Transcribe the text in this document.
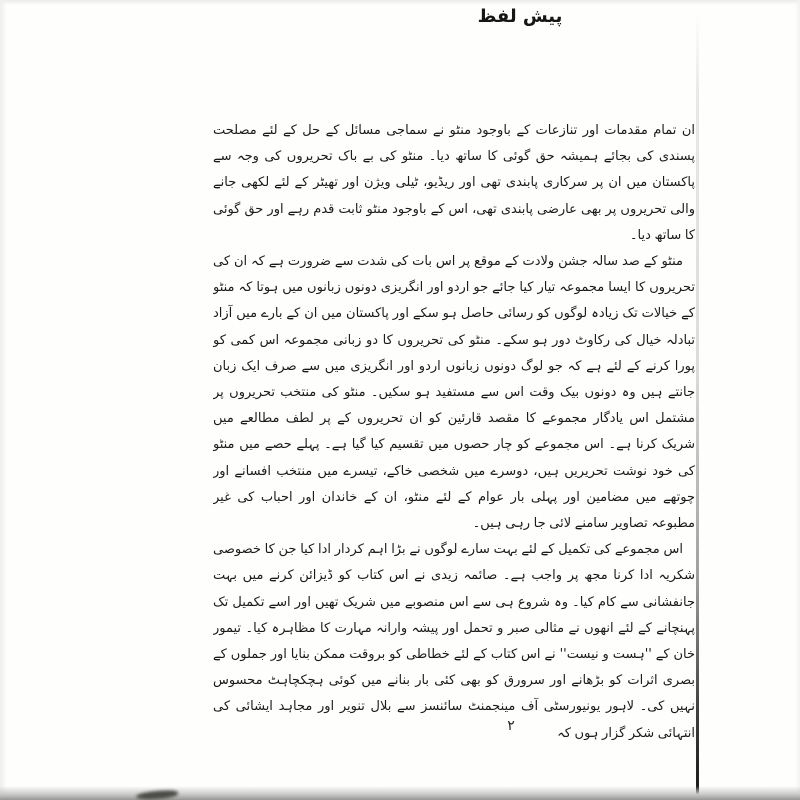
پیش لفظ

ان تمام مقدمات اور تنازعات کے باوجود منٹو نے سماجی مسائل کے حل کے لئے مصلحت پسندی کی بجائے ہمیشہ حق گوئی کا ساتھ دیا۔ منٹو کی بے باک تحریروں کی وجہ سے پاکستان میں ان پر سرکاری پابندی تھی اور ریڈیو، ٹیلی ویژن اور تھیٹر کے لئے لکھی جانے والی تحریروں پر بھی عارضی پابندی تھی، اس کے باوجود منٹو ثابت قدم رہے اور حق گوئی کا ساتھ دیا۔

منٹو کے صد سالہ جشن ولادت کے موقع پر اس بات کی شدت سے ضرورت ہے کہ ان کی تحریروں کا ایسا مجموعہ تیار کیا جائے جو اردو اور انگریزی دونوں زبانوں میں ہوتا کہ منٹو کے خیالات تک زیادہ لوگوں کو رسائی حاصل ہو سکے اور پاکستان میں ان کے بارے میں آزاد تبادلہ خیال کی رکاوٹ دور ہو سکے۔ منٹو کی تحریروں کا دو زبانی مجموعہ اس کمی کو پورا کرنے کے لئے ہے کہ جو لوگ دونوں زبانوں اردو اور انگریزی میں سے صرف ایک زبان جانتے ہیں وہ دونوں بیک وقت اس سے مستفید ہو سکیں۔ منٹو کی منتخب تحریروں پر مشتمل اس یادگار مجموعے کا مقصد قارئین کو ان تحریروں کے پر لطف مطالعے میں شریک کرنا ہے۔ اس مجموعے کو چار حصوں میں تقسیم کیا گیا ہے۔ پہلے حصے میں منٹو کی خود نوشت تحریریں ہیں، دوسرے میں شخصی خاکے، تیسرے میں منتخب افسانے اور چوتھے میں مضامین اور پہلی بار عوام کے لئے منٹو، ان کے خاندان اور احباب کی غیر مطبوعہ تصاویر سامنے لائی جا رہی ہیں۔

اس مجموعے کی تکمیل کے لئے بہت سارے لوگوں نے بڑا اہم کردار ادا کیا جن کا خصوصی شکریہ ادا کرنا مجھ پر واجب ہے۔ صائمہ زیدی نے اس کتاب کو ڈیزائن کرنے میں بہت جانفشانی سے کام کیا۔ وہ شروع ہی سے اس منصوبے میں شریک تھیں اور اسے تکمیل تک پہنچانے کے لئے انھوں نے مثالی صبر و تحمل اور پیشہ وارانہ مہارت کا مظاہرہ کیا۔ تیمور خان کے ''ہست و نیست'' نے اس کتاب کے لئے خطاطی کو بروقت ممکن بنایا اور جملوں کے بصری اثرات کو بڑھانے اور سرورق کو بھی کئی بار بنانے میں کوئی ہچکچاہٹ محسوس نہیں کی۔ لاہور یونیورسٹی آف مینجمنٹ سائنسز سے بلال تنویر اور مجاہد ایشائی کی انتہائی شکر گزار ہوں کہ

۲
